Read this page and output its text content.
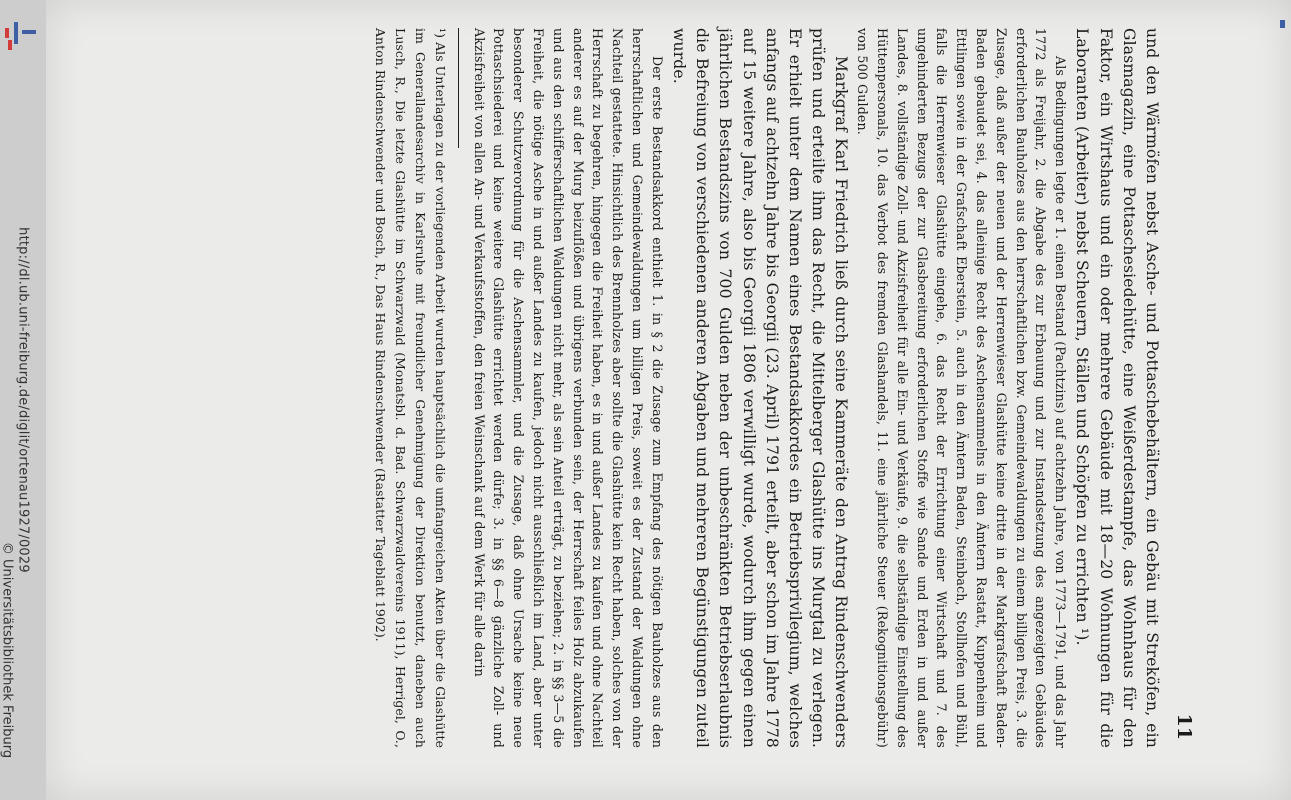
http://dl.ub.uni-freiburg.de/diglit/ortenau1927/0029
© Universitätsbibliothek Freiburg	11

und den Wärmöfen nebst Asche- und Pottaschebehältern, ein Gebäu mit Streköfen, ein Glasmagazin, eine Pottaschesiedehütte, eine Weißerdestampfe, das Wohnhaus für den Faktor, ein Wirtshaus und ein oder mehrere Gebäude mit 18—20 Wohnungen für die Laboranten (Arbeiter) nebst Scheuern, Ställen und Schöpfen zu errichten ¹).

Als Bedingungen legte er 1. einen Bestand (Pachtzins) auf achtzehn Jahre, von 1773—1791, und das Jahr 1772 als Freijahr, 2. die Abgabe des zur Erbauung und zur Instandsetzung des angezeigten Gebäudes erforderlichen Bauholzes aus den herrschaftlichen bzw. Gemeindewaldungen zu einem billigen Preis, 3. die Zusage, daß außer der neuen und der Herrenwieser Glashütte keine dritte in der Markgrafschaft Baden-Baden gebaudet sei, 4. das alleinige Recht des Aschensammelns in den Ämtern Rastatt, Kuppenheim und Ettlingen sowie in der Grafschaft Eberstein, 5. auch in den Ämtern Baden, Steinbach, Stollhofen und Bühl, falls die Herrenwieser Glashütte eingehe, 6. das Recht der Errichtung einer Wirtschaft und 7. des ungehinderten Bezugs der zur Glasbereitung erforderlichen Stoffe wie Sande und Erden in und außer Landes, 8. vollständige Zoll- und Akzisfreiheit für alle Ein- und Verkäufe, 9. die selbständige Einstellung des Hüttenpersonals, 10. das Verbot des fremden Glashandels, 11. eine jährliche Steuer (Rekognitionsgebühr) von 500 Gulden.

Markgraf Karl Friedrich ließ durch seine Kammeräte den Antrag Rindenschwenders prüfen und erteilte ihm das Recht, die Mittelberger Glashütte ins Murgtal zu verlegen. Er erhielt unter dem Namen eines Bestandsakkordes ein Betriebsprivilegium, welches anfangs auf achtzehn Jahre bis Georgii (23. April) 1791 erteilt, aber schon im Jahre 1778 auf 15 weitere Jahre, also bis Georgii 1806 verwilligt wurde, wodurch ihm gegen einen jährlichen Bestandszins von 700 Gulden neben der unbeschränkten Betriebserlaubnis die Befreiung von verschiedenen anderen Abgaben und mehreren Begünstigungen zuteil wurde.

Der erste Bestandsakkord enthielt 1. in § 2 die Zusage zum Empfang des nötigen Bauholzes aus den herrschaftlichen und Gemeindewaldungen um billigen Preis, soweit es der Zustand der Waldungen ohne Nachteil gestattete. Hinsichtlich des Brennholzes aber sollte die Glashütte kein Recht haben, solches von der Herrschaft zu begehren, hingegen die Freiheit haben, es in und außer Landes zu kaufen und ohne Nachteil anderer es auf der Murg beizuflößen und übrigens verbunden sein, der Herrschaft feiles Holz abzukaufen und aus den schifferschaftlichen Waldungen nicht mehr, als sein Anteil erträgt, zu beziehen; 2. in §§ 3—5 die Freiheit, die nötige Asche in und außer Landes zu kaufen, jedoch nicht ausschließlich im Land, aber unter besonderer Schutzverordnung für die Aschensammler, und die Zusage, daß ohne Ursache keine neue Pottaschsiederei und keine weitere Glashütte errichtet werden dürfe; 3. in §§ 6—8 gänzliche Zoll- und Akzisfreiheit von allen An- und Verkaufsstoffen, den freien Weinschank auf dem Werk für alle darin

¹) Als Unterlagen zu der vorliegenden Arbeit wurden hauptsächlich die umfangreichen Akten über die Glashütte im Generallandesarchiv in Karlsruhe mit freundlicher Genehmigung der Direktion benutzt, daneben auch Lusch, R., Die letzte Glashütte im Schwarzwald (Monatsbl. d. Bad. Schwarzwaldvereins 1911), Herrigel, O., Anton Rindenschwender und Bosch, R., Das Haus Rindenschwender (Rastatter Tageblatt 1902).
